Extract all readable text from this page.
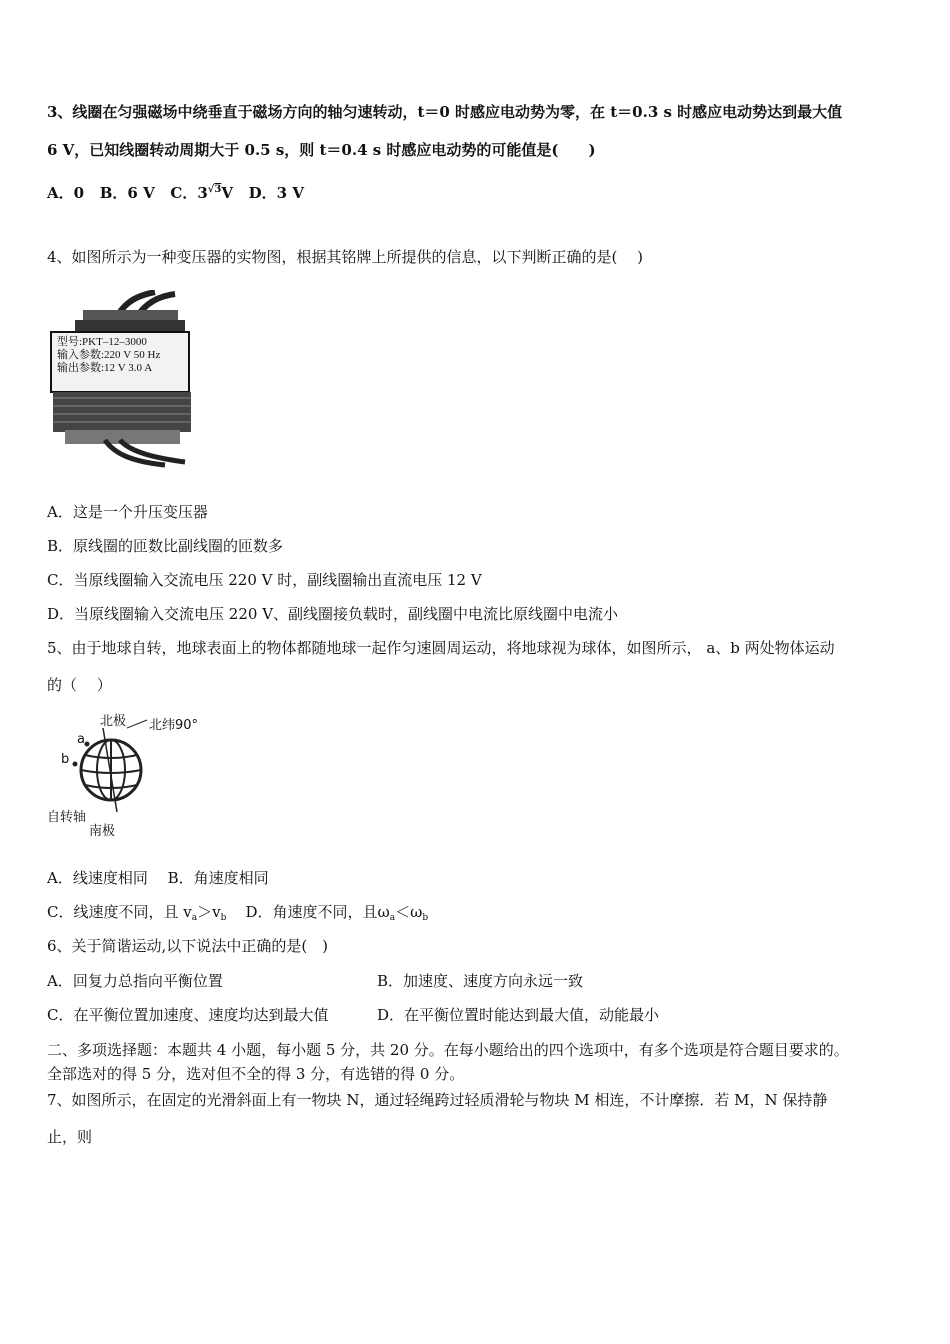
3、线圈在匀强磁场中绕垂直于磁场方向的轴匀速转动，t＝0 时感应电动势为零，在 t＝0.3 s 时感应电动势达到最大值
6 V，已知线圈转动周期大于 0.5 s，则 t＝0.4 s 时感应电动势的可能值是(　　)
A．0 B．6 V C．$3^{√3}V$ D．3 V
4、如图所示为一种变压器的实物图，根据其铭牌上所提供的信息，以下判断正确的是(　 )
型号:PKT–12–3000
输入参数:220 V 50 Hz
输出参数:12 V 3.0 A
A．这是一个升压变压器
B．原线圈的匝数比副线圈的匝数多
C．当原线圈输入交流电压 220 V 时，副线圈输出直流电压 12 V
D．当原线圈输入交流电压 220 V、副线圈接负载时，副线圈中电流比原线圈中电流小
5、由于地球自转，地球表面上的物体都随地球一起作匀速圆周运动，将地球视为球体，如图所示， a、b 两处物体运动
的（　 ）
北极 北纬90°
a
b
自转轴
南极
A．线速度相同　 B．角速度相同
C．线速度不同，且 $v_a>v_b$ D．角速度不同，且$\omega_a<\omega_b$
6、关于简谐运动,以下说法中正确的是(　)
A．回复力总指向平衡位置	B．加速度、速度方向永远一致
C．在平衡位置加速度、速度均达到最大值	D．在平衡位置时能达到最大值，动能最小
二、多项选择题：本题共 4 小题，每小题 5 分，共 20 分。在每小题给出的四个选项中，有多个选项是符合题目要求的。
全部选对的得 5 分，选对但不全的得 3 分，有选错的得 0 分。
7、如图所示，在固定的光滑斜面上有一物块 N，通过轻绳跨过轻质滑轮与物块 M 相连，不计摩擦．若 M，N 保持静
止，则
